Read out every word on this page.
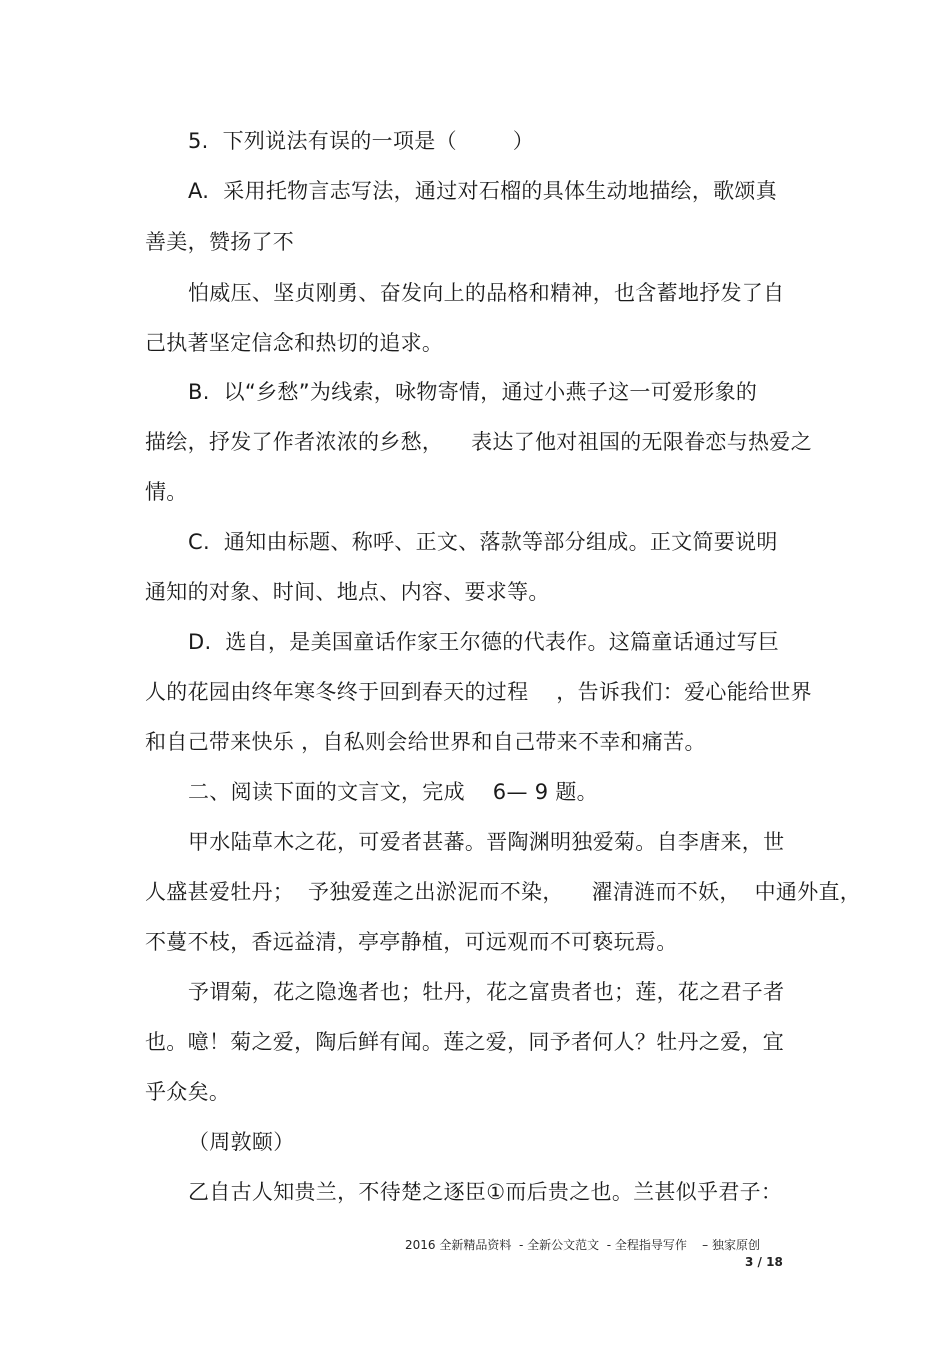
5.  下列说法有误的一项是（        ）
A.  采用托物言志写法，通过对石榴的具体生动地描绘，歌颂真
善美，赞扬了不
怕威压、坚贞刚勇、奋发向上的品格和精神，也含蓄地抒发了自
己执著坚定信念和热切的追求。
B.  以“乡愁”为线索，咏物寄情，通过小燕子这一可爱形象的
描绘，抒发了作者浓浓的乡愁，    表达了他对祖国的无限眷恋与热爱之
情。
C.  通知由标题、称呼、正文、落款等部分组成。正文简要说明
通知的对象、时间、地点、内容、要求等。
D.  选自，是美国童话作家王尔德的代表作。这篇童话通过写巨
人的花园由终年寒冬终于回到春天的过程    ，告诉我们：爱心能给世界
和自己带来快乐 ，自私则会给世界和自己带来不幸和痛苦。
二、阅读下面的文言文，完成    6— 9 题。
甲水陆草木之花，可爱者甚蕃。晋陶渊明独爱菊。自李唐来，世
人盛甚爱牡丹；  予独爱莲之出淤泥而不染，    濯清涟而不妖，  中通外直，
不蔓不枝，香远益清，亭亭静植，可远观而不可亵玩焉。
予谓菊，花之隐逸者也；牡丹，花之富贵者也；莲，花之君子者
也。噫！菊之爱，陶后鲜有闻。莲之爱，同予者何人？牡丹之爱，宜
乎众矣。
（周敦颐）
乙自古人知贵兰，不待楚之逐臣①而后贵之也。兰甚似乎君子：
2016 全新精品资料  - 全新公文范文  - 全程指导写作    – 独家原创
3 / 18
